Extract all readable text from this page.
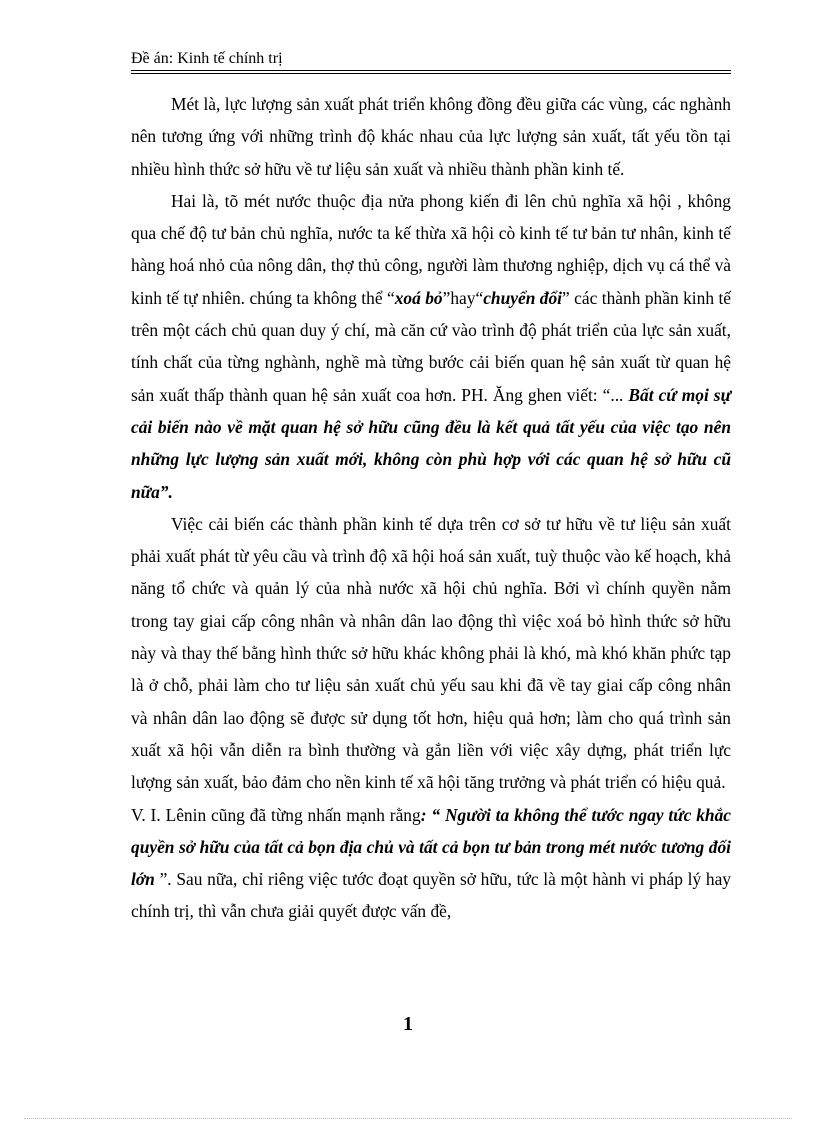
Đề án: Kinh tế chính trị

Mét là, lực lượng sản xuất phát triển không đồng đều giữa các vùng, các nghành nên tương ứng với những trình độ khác nhau của lực lượng sản xuất, tất yếu tồn tại nhiều hình thức sở hữu về tư liệu sản xuất và nhiều thành phần kinh tế.

Hai là, tõ mét nước thuộc địa nửa phong kiến đi lên chủ nghĩa xã hội , không qua chế độ tư bản chủ nghĩa, nước ta kế thừa xã hội cò kinh tế tư bản tư nhân, kinh tế hàng hoá nhỏ của nông dân, thợ thủ công, người làm thương nghiệp, dịch vụ cá thể và kinh tế tự nhiên. chúng ta không thể “xoá bỏ”hay“chuyển đổi” các thành phần kinh tế trên một cách chủ quan duy ý chí, mà căn cứ vào trình độ phát triển của lực sản xuất, tính chất của từng nghành, nghề mà từng bước cải biến quan hệ sản xuất từ quan hệ sản xuất thấp thành quan hệ sản xuất coa hơn. PH. Ăng ghen viết: “... Bất cứ mọi sự cải biến nào về mặt quan hệ sở hữu cũng đều là kết quả tất yếu của việc tạo nên những lực lượng sản xuất mới, không còn phù hợp với các quan hệ sở hữu cũ nữa”.

Việc cải biến các thành phần kinh tế dựa trên cơ sở tư hữu về tư liệu sản xuất phải xuất phát từ yêu cầu và trình độ xã hội hoá sản xuất, tuỳ thuộc vào kế hoạch, khả năng tổ chức và quản lý của nhà nước xã hội chủ nghĩa. Bởi vì chính quyền nằm trong tay giai cấp công nhân và nhân dân lao động thì việc xoá bỏ hình thức sở hữu này và thay thế bằng hình thức sở hữu khác không phải là khó, mà khó khăn phức tạp là ở chỗ, phải làm cho tư liệu sản xuất chủ yếu sau khi đã về tay giai cấp công nhân và nhân dân lao động sẽ được sử dụng tốt hơn, hiệu quả hơn; làm cho quá trình sản xuất xã hội vẫn diễn ra bình thường và gắn liền với việc xây dựng, phát triển lực lượng sản xuất, bảo đảm cho nền kinh tế xã hội tăng trưởng và phát triển có hiệu quả.

V. I. Lênin cũng đã từng nhấn mạnh rằng: “ Người ta không thể tước ngay tức khắc quyền sở hữu của tất cả bọn địa chủ và tất cả bọn tư bản trong mét nước tương đối lớn ”. Sau nữa, chỉ riêng việc tước đoạt quyền sở hữu, tức là một hành vi pháp lý hay chính trị, thì vẫn chưa giải quyết được vấn đề,

1
